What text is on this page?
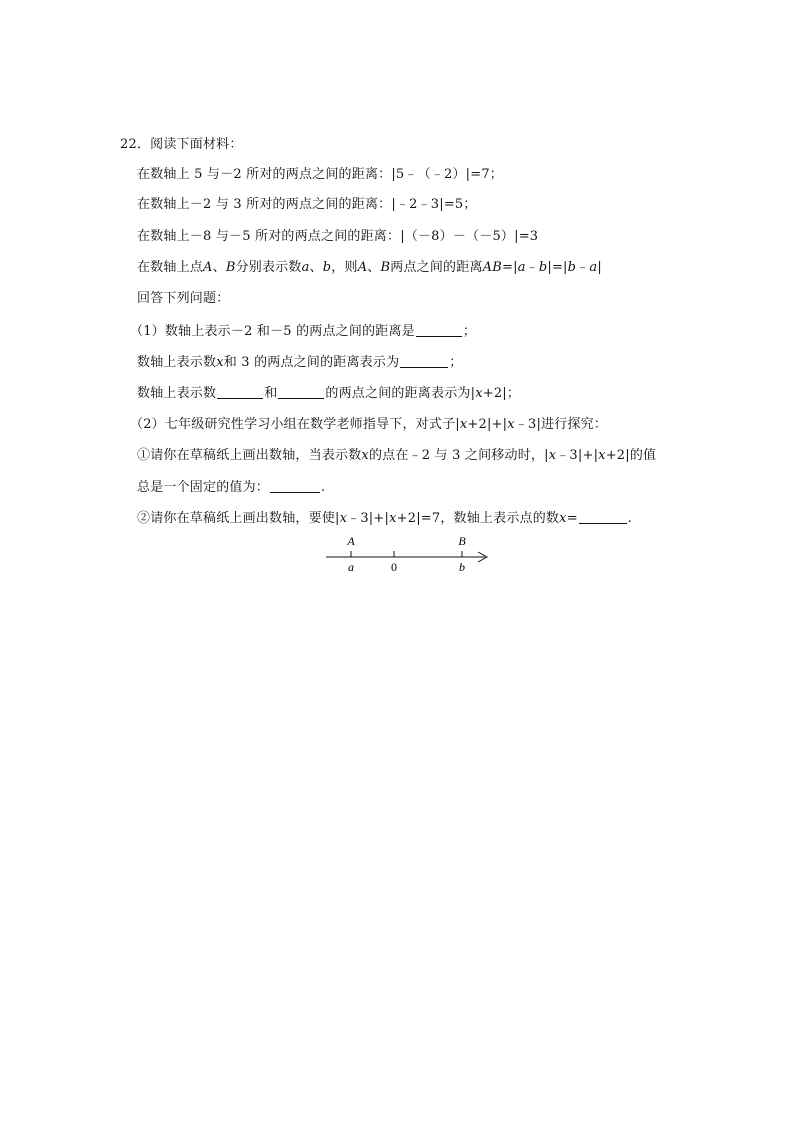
22．阅读下面材料：
在数轴上 5 与－2 所对的两点之间的距离：|5﹣（﹣2）|=7；
在数轴上－2 与 3 所对的两点之间的距离：|﹣2﹣3|=5；
在数轴上－8 与－5 所对的两点之间的距离：|（－8）－（－5）|=3
在数轴上点A、B分别表示数a、b，则A、B两点之间的距离AB=|a﹣b|=|b﹣a|
回答下列问题：
（1）数轴上表示－2 和－5 的两点之间的距离是	；
数轴上表示数x和 3 的两点之间的距离表示为	；
数轴上表示数	和	的两点之间的距离表示为|x+2|；
（2）七年级研究性学习小组在数学老师指导下，对式子|x+2|+|x﹣3|进行探究：
①请你在草稿纸上画出数轴，当表示数x的点在﹣2 与 3 之间移动时，|x﹣3|+|x+2|的值
总是一个固定的值为：	.
②请你在草稿纸上画出数轴，要使|x﹣3|+|x+2|=7，数轴上表示点的数x=	.
A	B
a	0	b
